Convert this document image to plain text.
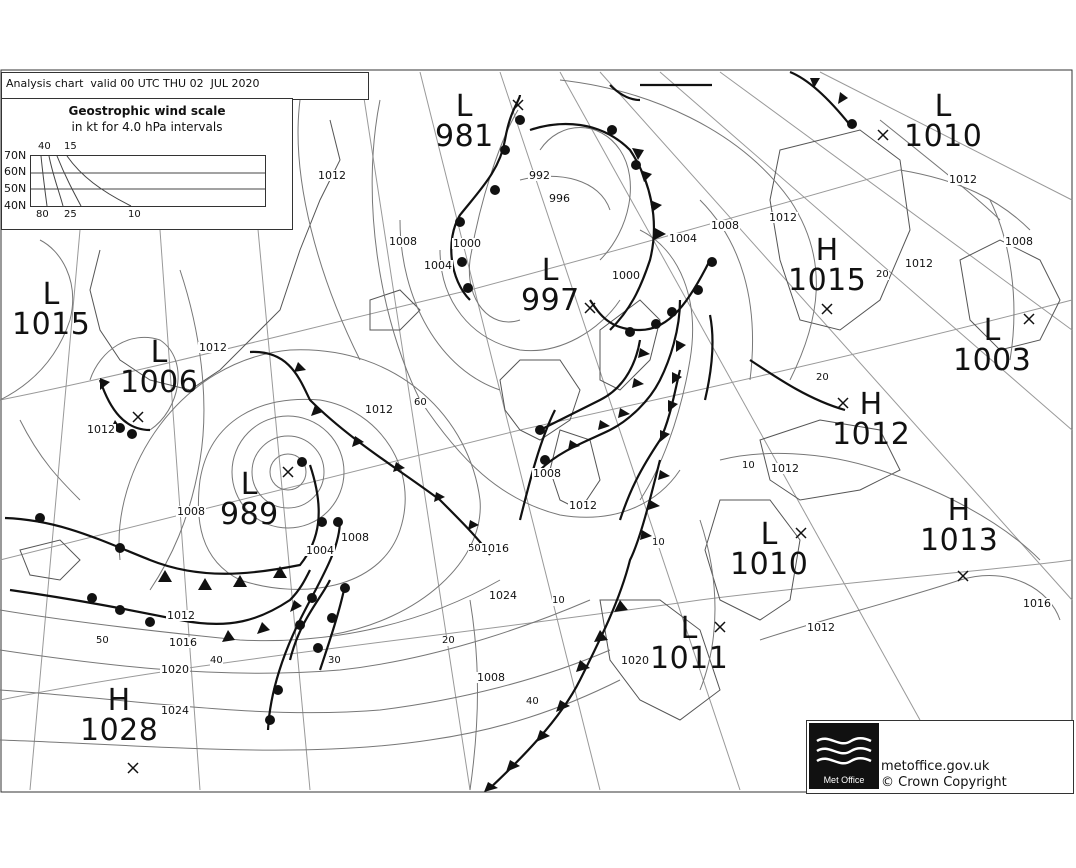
Analysis chart  valid 00 UTC THU 02  JUL 2020
Geostrophic wind scale
in kt for 4.0 hPa intervals
40 15
70N
60N
50N
40N
80 25	10
L
981
L
1010
L
1015
L
1006
L
997
H
1015
L
1003
H
1012
L
989	H
1013
L
1010
L
1011
H
1028
992
996
1000
1000
1004
1004
1004
1008
1008
1008
1008
1008
1008
1012	1012
1012
1012
1012
1012
1012
1012
1012
1012
1012
1016
1016
1016
1020
1020
1024
1024
1008
60
50
40
50
30
20
10
40
10
20
10
20
Met Office
metoffice.gov.uk
© Crown Copyright
